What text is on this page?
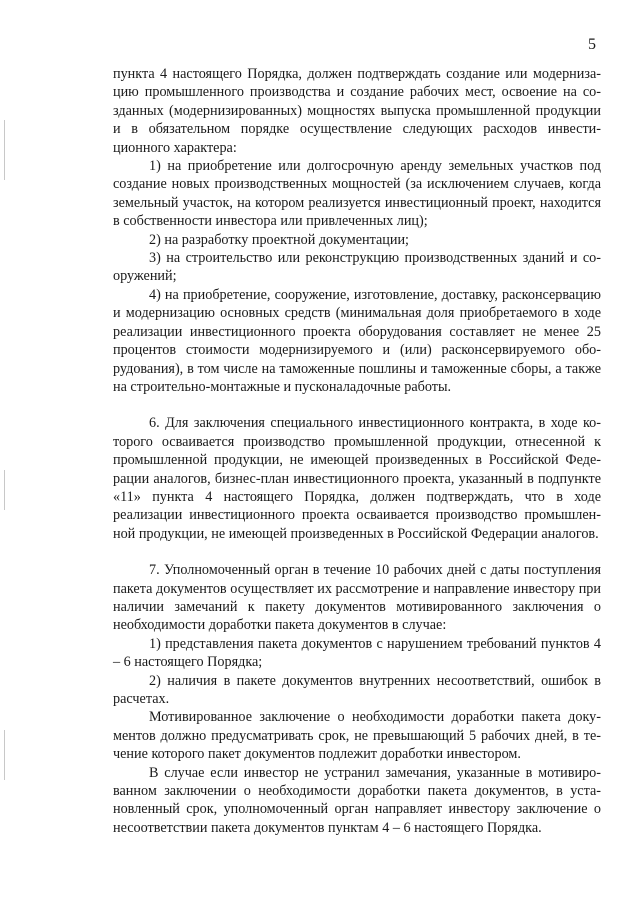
5

пункта 4 настоящего Порядка, должен подтверждать создание или модернизацию промышленного производства и создание рабочих мест, освоение на созданных (модернизированных) мощностях выпуска промышленной продукции и в обязательном порядке осуществление следующих расходов инвестиционного характера:

1) на приобретение или долгосрочную аренду земельных участков под создание новых производственных мощностей (за исключением случаев, когда земельный участок, на котором реализуется инвестиционный проект, находится в собственности инвестора или привлеченных лиц);

2) на разработку проектной документации;

3) на строительство или реконструкцию производственных зданий и сооружений;

4) на приобретение, сооружение, изготовление, доставку, расконсервацию и модернизацию основных средств (минимальная доля приобретаемого в ходе реализации инвестиционного проекта оборудования составляет не менее 25 процентов стоимости модернизируемого и (или) расконсервируемого оборудования), в том числе на таможенные пошлины и таможенные сборы, а также на строительно-монтажные и пусконаладочные работы.

6. Для заключения специального инвестиционного контракта, в ходе которого осваивается производство промышленной продукции, отнесенной к промышленной продукции, не имеющей произведенных в Российской Федерации аналогов, бизнес-план инвестиционного проекта, указанный в подпункте «11» пункта 4 настоящего Порядка, должен подтверждать, что в ходе реализации инвестиционного проекта осваивается производство промышленной продукции, не имеющей произведенных в Российской Федерации аналогов.

7. Уполномоченный орган в течение 10 рабочих дней с даты поступления пакета документов осуществляет их рассмотрение и направление инвестору при наличии замечаний к пакету документов мотивированного заключения о необходимости доработки пакета документов в случае:

1) представления пакета документов с нарушением требований пунктов 4 – 6 настоящего Порядка;

2) наличия в пакете документов внутренних несоответствий, ошибок в расчетах.

Мотивированное заключение о необходимости доработки пакета документов должно предусматривать срок, не превышающий 5 рабочих дней, в течение которого пакет документов подлежит доработки инвестором.

В случае если инвестор не устранил замечания, указанные в мотивированном заключении о необходимости доработки пакета документов, в установленный срок, уполномоченный орган направляет инвестору заключение о несоответствии пакета документов пунктам 4 – 6 настоящего Порядка.
